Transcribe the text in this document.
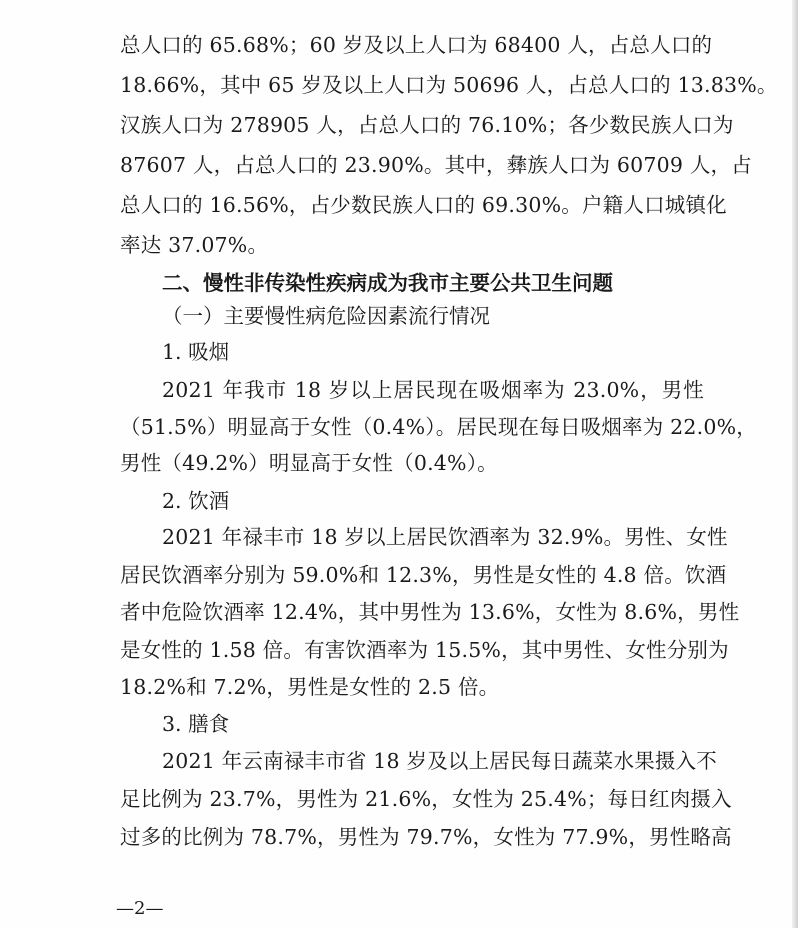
总人口的 65.68%；60 岁及以上人口为 68400 人，占总人口的
18.66%，其中 65 岁及以上人口为 50696 人，占总人口的 13.83%。
汉族人口为 278905 人，占总人口的 76.10%；各少数民族人口为
87607 人，占总人口的 23.90%。其中，彝族人口为 60709 人，占
总人口的 16.56%，占少数民族人口的 69.30%。户籍人口城镇化
率达 37.07%。
二、慢性非传染性疾病成为我市主要公共卫生问题
（一）主要慢性病危险因素流行情况
1. 吸烟
2021 年我市 18 岁以上居民现在吸烟率为 23.0%，男性
（51.5%）明显高于女性（0.4%）。居民现在每日吸烟率为 22.0%，
男性（49.2%）明显高于女性（0.4%）。
2. 饮酒
2021 年禄丰市 18 岁以上居民饮酒率为 32.9%。男性、女性
居民饮酒率分别为 59.0%和 12.3%，男性是女性的 4.8 倍。饮酒
者中危险饮酒率 12.4%，其中男性为 13.6%，女性为 8.6%，男性
是女性的 1.58 倍。有害饮酒率为 15.5%，其中男性、女性分别为
18.2%和 7.2%，男性是女性的 2.5 倍。
3. 膳食
2021 年云南禄丰市省 18 岁及以上居民每日蔬菜水果摄入不
足比例为 23.7%，男性为 21.6%，女性为 25.4%；每日红肉摄入
过多的比例为 78.7%，男性为 79.7%，女性为 77.9%，男性略高
—2—
